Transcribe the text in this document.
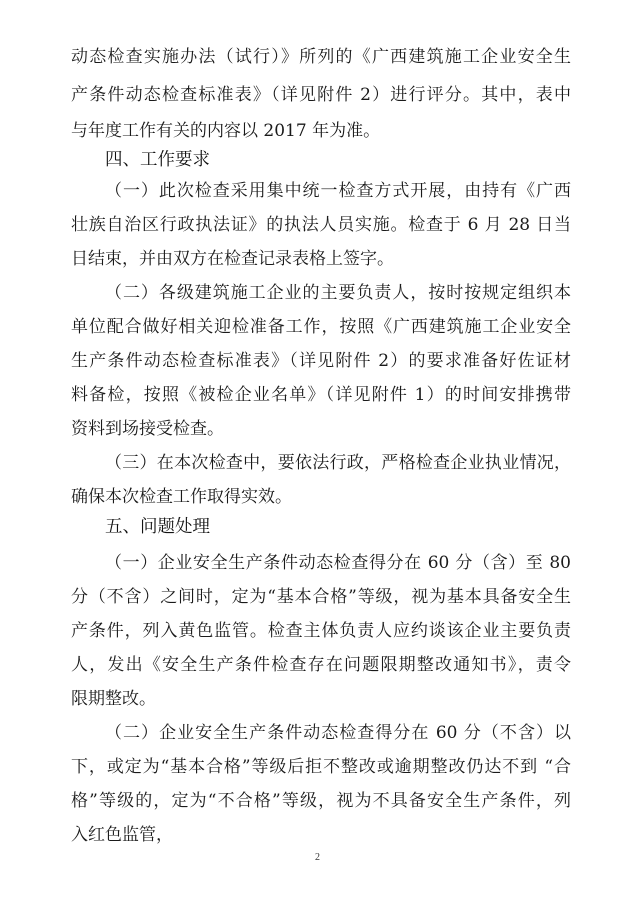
动态检查实施办法（试行）》所列的《广西建筑施工企业安全生
产条件动态检查标准表》（详见附件 2）进行评分。其中，表中
与年度工作有关的内容以 2017 年为准。
四、工作要求
（一）此次检查采用集中统一检查方式开展，由持有《广西
壮族自治区行政执法证》的执法人员实施。检查于 6 月 28 日当
日结束，并由双方在检查记录表格上签字。
（二）各级建筑施工企业的主要负责人，按时按规定组织本
单位配合做好相关迎检准备工作，按照《广西建筑施工企业安全
生产条件动态检查标准表》（详见附件 2）的要求准备好佐证材
料备检，按照《被检企业名单》（详见附件 1）的时间安排携带
资料到场接受检查。
（三）在本次检查中，要依法行政，严格检查企业执业情况，
确保本次检查工作取得实效。
五、问题处理
（一）企业安全生产条件动态检查得分在 60 分（含）至 80
分（不含）之间时，定为“基本合格”等级，视为基本具备安全生
产条件，列入黄色监管。检查主体负责人应约谈该企业主要负责
人，发出《安全生产条件检查存在问题限期整改通知书》，责令
限期整改。
（二）企业安全生产条件动态检查得分在 60 分（不含）以
下，或定为“基本合格”等级后拒不整改或逾期整改仍达不到 “合
格”等级的，定为“不合格”等级，视为不具备安全生产条件，列
入红色监管，
2
